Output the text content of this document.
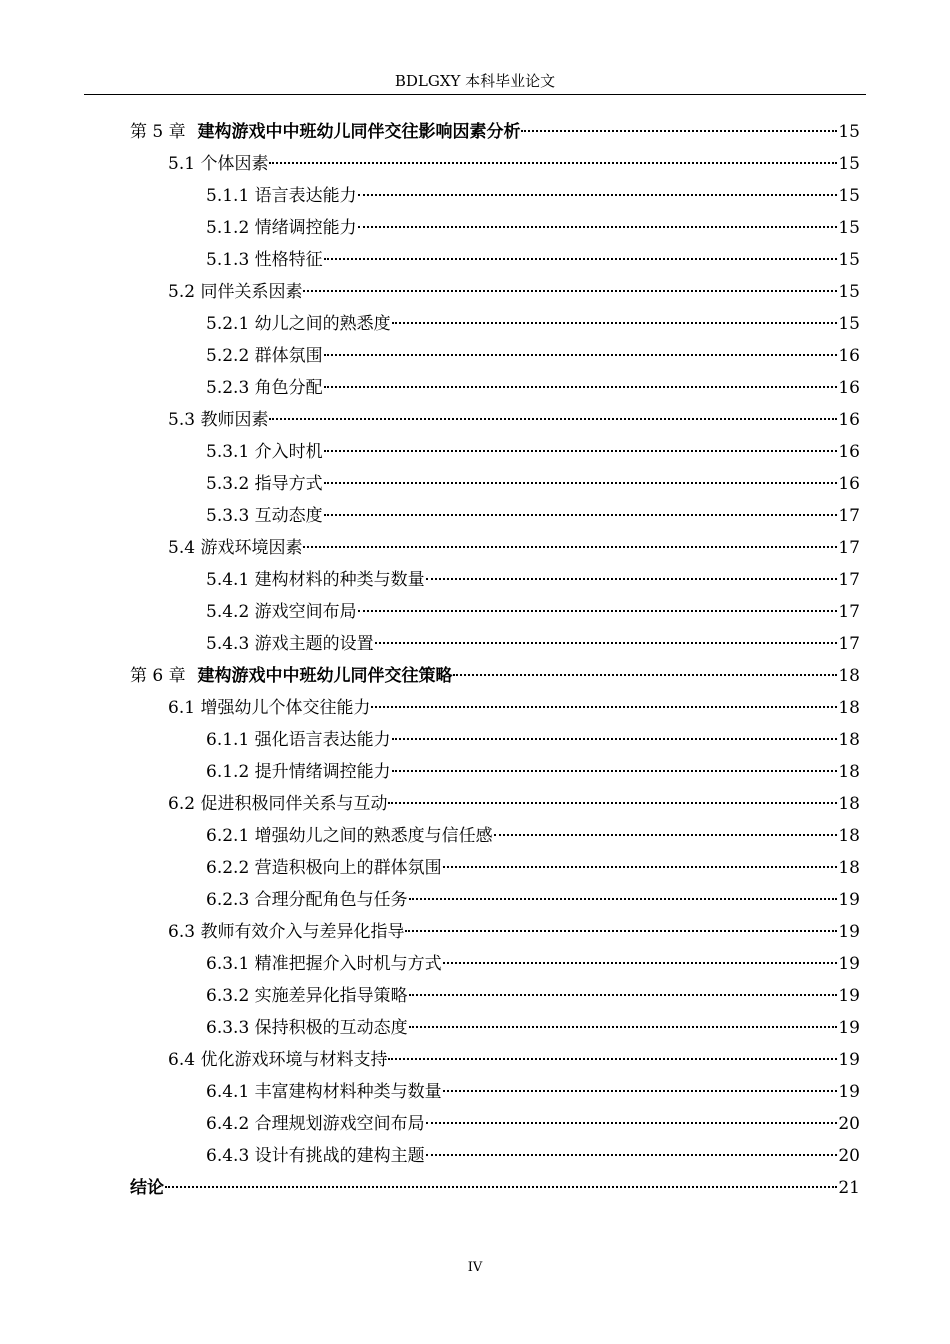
BDLGXY 本科毕业论文
第 5 章 建构游戏中中班幼儿同伴交往影响因素分析	15
5.1 个体因素	15
5.1.1 语言表达能力	15
5.1.2 情绪调控能力	15
5.1.3 性格特征	15
5.2 同伴关系因素	15
5.2.1 幼儿之间的熟悉度	15
5.2.2 群体氛围	16
5.2.3 角色分配	16
5.3 教师因素	16
5.3.1 介入时机	16
5.3.2 指导方式	16
5.3.3 互动态度	17
5.4 游戏环境因素	17
5.4.1 建构材料的种类与数量	17
5.4.2 游戏空间布局	17
5.4.3 游戏主题的设置	17
第 6 章 建构游戏中中班幼儿同伴交往策略	18
6.1 增强幼儿个体交往能力	18
6.1.1 强化语言表达能力	18
6.1.2 提升情绪调控能力	18
6.2 促进积极同伴关系与互动	18
6.2.1 增强幼儿之间的熟悉度与信任感	18
6.2.2 营造积极向上的群体氛围	18
6.2.3 合理分配角色与任务	19
6.3 教师有效介入与差异化指导	19
6.3.1 精准把握介入时机与方式	19
6.3.2 实施差异化指导策略	19
6.3.3 保持积极的互动态度	19
6.4 优化游戏环境与材料支持	19
6.4.1 丰富建构材料种类与数量	19
6.4.2 合理规划游戏空间布局	20
6.4.3 设计有挑战的建构主题	20
结论	21
IV
